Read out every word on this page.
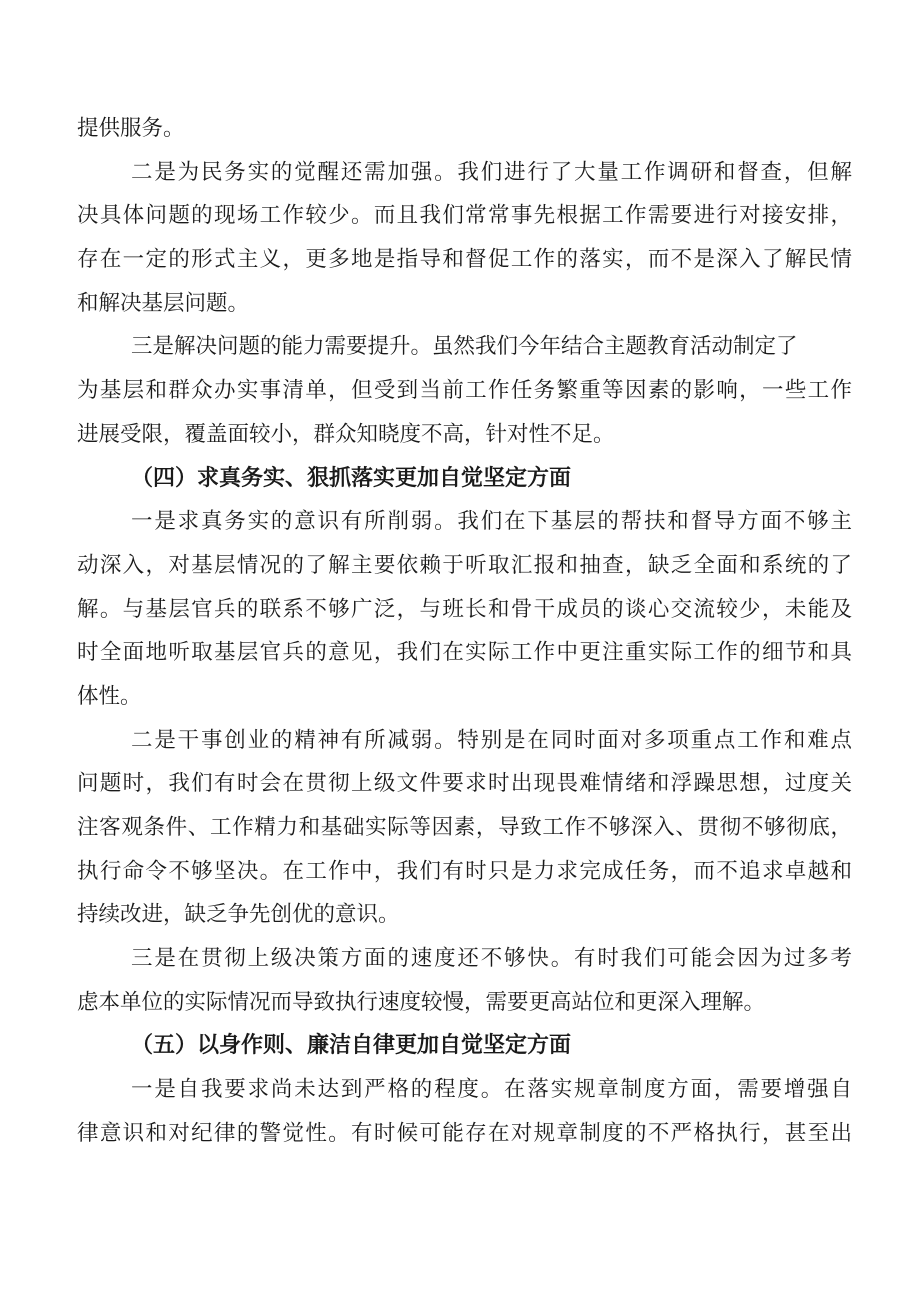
提供服务。
二是为民务实的觉醒还需加强。我们进行了大量工作调研和督查，但解
决具体问题的现场工作较少。而且我们常常事先根据工作需要进行对接安排，
存在一定的形式主义，更多地是指导和督促工作的落实，而不是深入了解民情
和解决基层问题。
三是解决问题的能力需要提升。虽然我们今年结合主题教育活动制定了
为基层和群众办实事清单，但受到当前工作任务繁重等因素的影响，一些工作
进展受限，覆盖面较小，群众知晓度不高，针对性不足。
（四）求真务实、狠抓落实更加自觉坚定方面
一是求真务实的意识有所削弱。我们在下基层的帮扶和督导方面不够主
动深入，对基层情况的了解主要依赖于听取汇报和抽查，缺乏全面和系统的了
解。与基层官兵的联系不够广泛，与班长和骨干成员的谈心交流较少，未能及
时全面地听取基层官兵的意见，我们在实际工作中更注重实际工作的细节和具
体性。
二是干事创业的精神有所减弱。特别是在同时面对多项重点工作和难点
问题时，我们有时会在贯彻上级文件要求时出现畏难情绪和浮躁思想，过度关
注客观条件、工作精力和基础实际等因素，导致工作不够深入、贯彻不够彻底，
执行命令不够坚决。在工作中，我们有时只是力求完成任务，而不追求卓越和
持续改进，缺乏争先创优的意识。
三是在贯彻上级决策方面的速度还不够快。有时我们可能会因为过多考
虑本单位的实际情况而导致执行速度较慢，需要更高站位和更深入理解。
（五）以身作则、廉洁自律更加自觉坚定方面
一是自我要求尚未达到严格的程度。在落实规章制度方面，需要增强自
律意识和对纪律的警觉性。有时候可能存在对规章制度的不严格执行，甚至出
